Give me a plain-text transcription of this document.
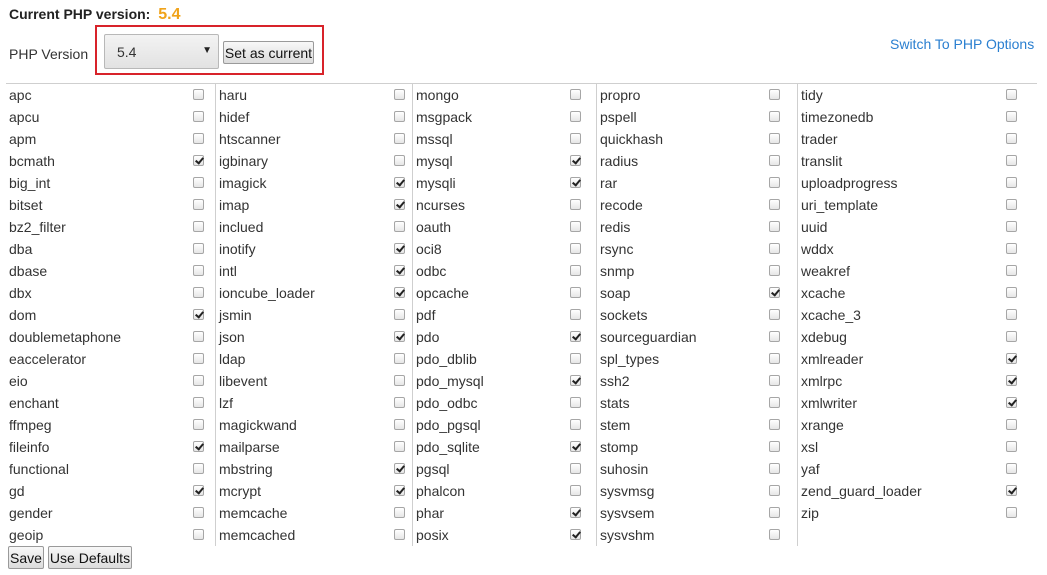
Current PHP version: 5.4
PHP Version	5.4	▼ Set as current
Switch To PHP Options
apc
apcu
apm
bcmath
big_int
bitset
bz2_filter
dba
dbase
dbx
dom
doublemetaphone
eaccelerator
eio
enchant
ffmpeg
fileinfo
functional
gd
gender
geoip
haru
hidef
htscanner
igbinary
imagick
imap
inclued
inotify
intl
ioncube_loader
jsmin
json
ldap
libevent
lzf
magickwand
mailparse
mbstring
mcrypt
memcache
memcached
mongo
msgpack
mssql
mysql
mysqli
ncurses
oauth
oci8
odbc
opcache
pdf
pdo
pdo_dblib
pdo_mysql
pdo_odbc
pdo_pgsql
pdo_sqlite
pgsql
phalcon
phar
posix
propro
pspell
quickhash
radius
rar
recode
redis
rsync
snmp
soap
sockets
sourceguardian
spl_types
ssh2
stats
stem
stomp
suhosin
sysvmsg
sysvsem
sysvshm
tidy
timezonedb
trader
translit
uploadprogress
uri_template
uuid
wddx
weakref
xcache
xcache_3
xdebug
xmlreader
xmlrpc
xmlwriter
xrange
xsl
yaf
zend_guard_loader
zip
Save Use Defaults
